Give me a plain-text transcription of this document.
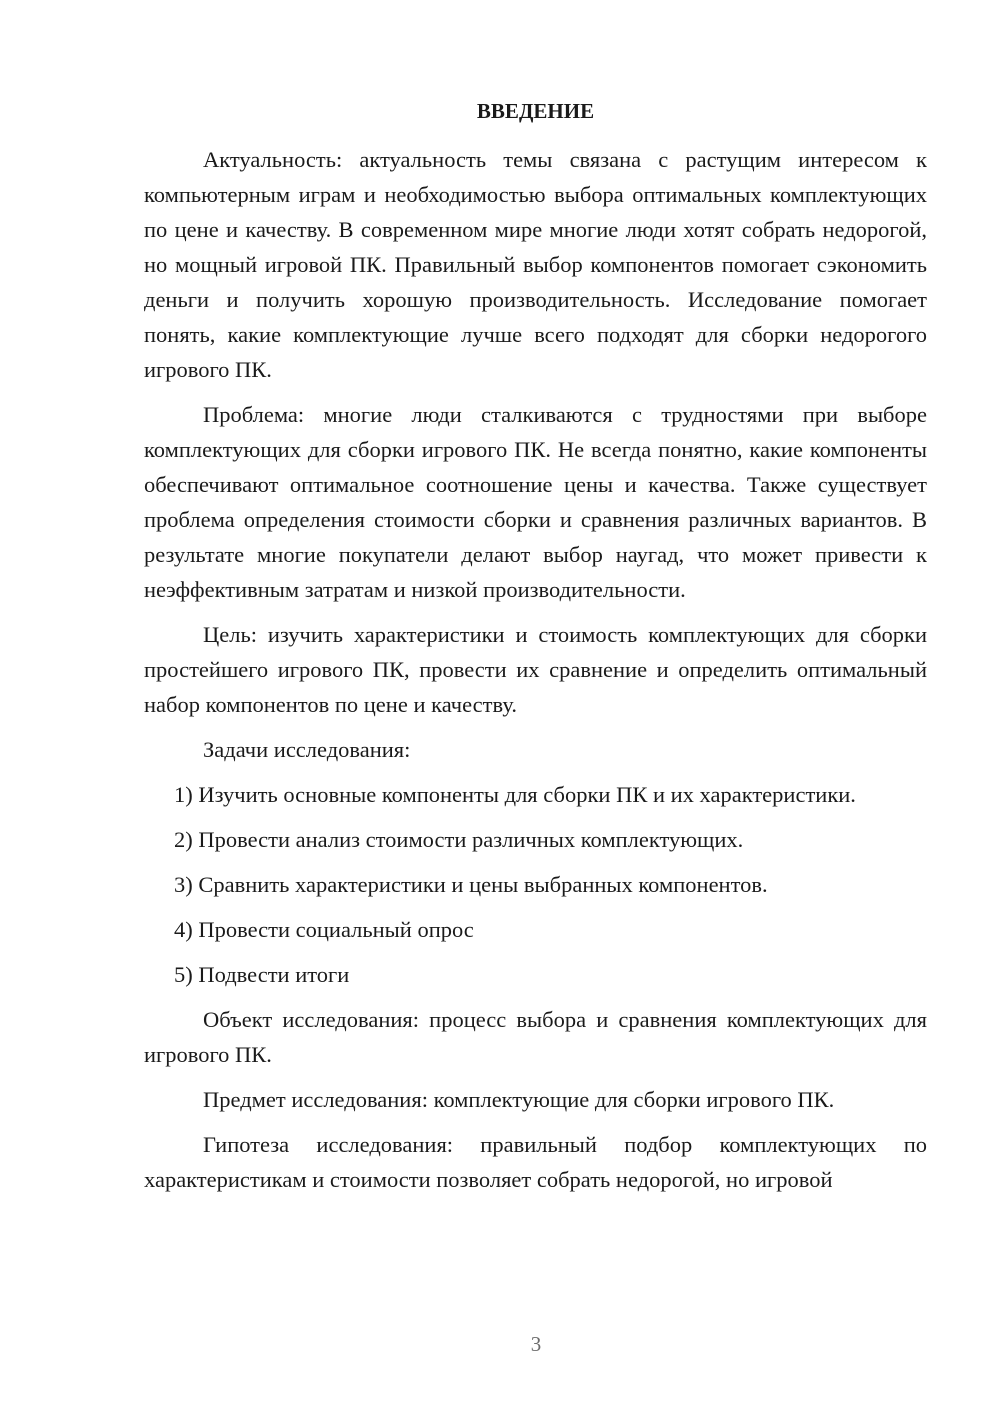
ВВЕДЕНИЕ

Актуальность: актуальность темы связана с растущим интересом к компьютерным играм и необходимостью выбора оптимальных комплектующих по цене и качеству. В современном мире многие люди хотят собрать недорогой, но мощный игровой ПК. Правильный выбор компонентов помогает сэкономить деньги и получить хорошую производительность. Исследование помогает понять, какие комплектующие лучше всего подходят для сборки недорогого игрового ПК.

Проблема: многие люди сталкиваются с трудностями при выборе комплектующих для сборки игрового ПК. Не всегда понятно, какие компоненты обеспечивают оптимальное соотношение цены и качества. Также существует проблема определения стоимости сборки и сравнения различных вариантов. В результате многие покупатели делают выбор наугад, что может привести к неэффективным затратам и низкой производительности.

Цель: изучить характеристики и стоимость комплектующих для сборки простейшего игрового ПК, провести их сравнение и определить оптимальный набор компонентов по цене и качеству.

Задачи исследования:

1) Изучить основные компоненты для сборки ПК и их характеристики.

2) Провести анализ стоимости различных комплектующих.

3) Сравнить характеристики и цены выбранных компонентов.

4) Провести социальный опрос

5) Подвести итоги

Объект исследования: процесс выбора и сравнения комплектующих для игрового ПК.

Предмет исследования: комплектующие для сборки игрового ПК.

Гипотеза исследования: правильный подбор комплектующих по характеристикам и стоимости позволяет собрать недорогой, но игровой

3
